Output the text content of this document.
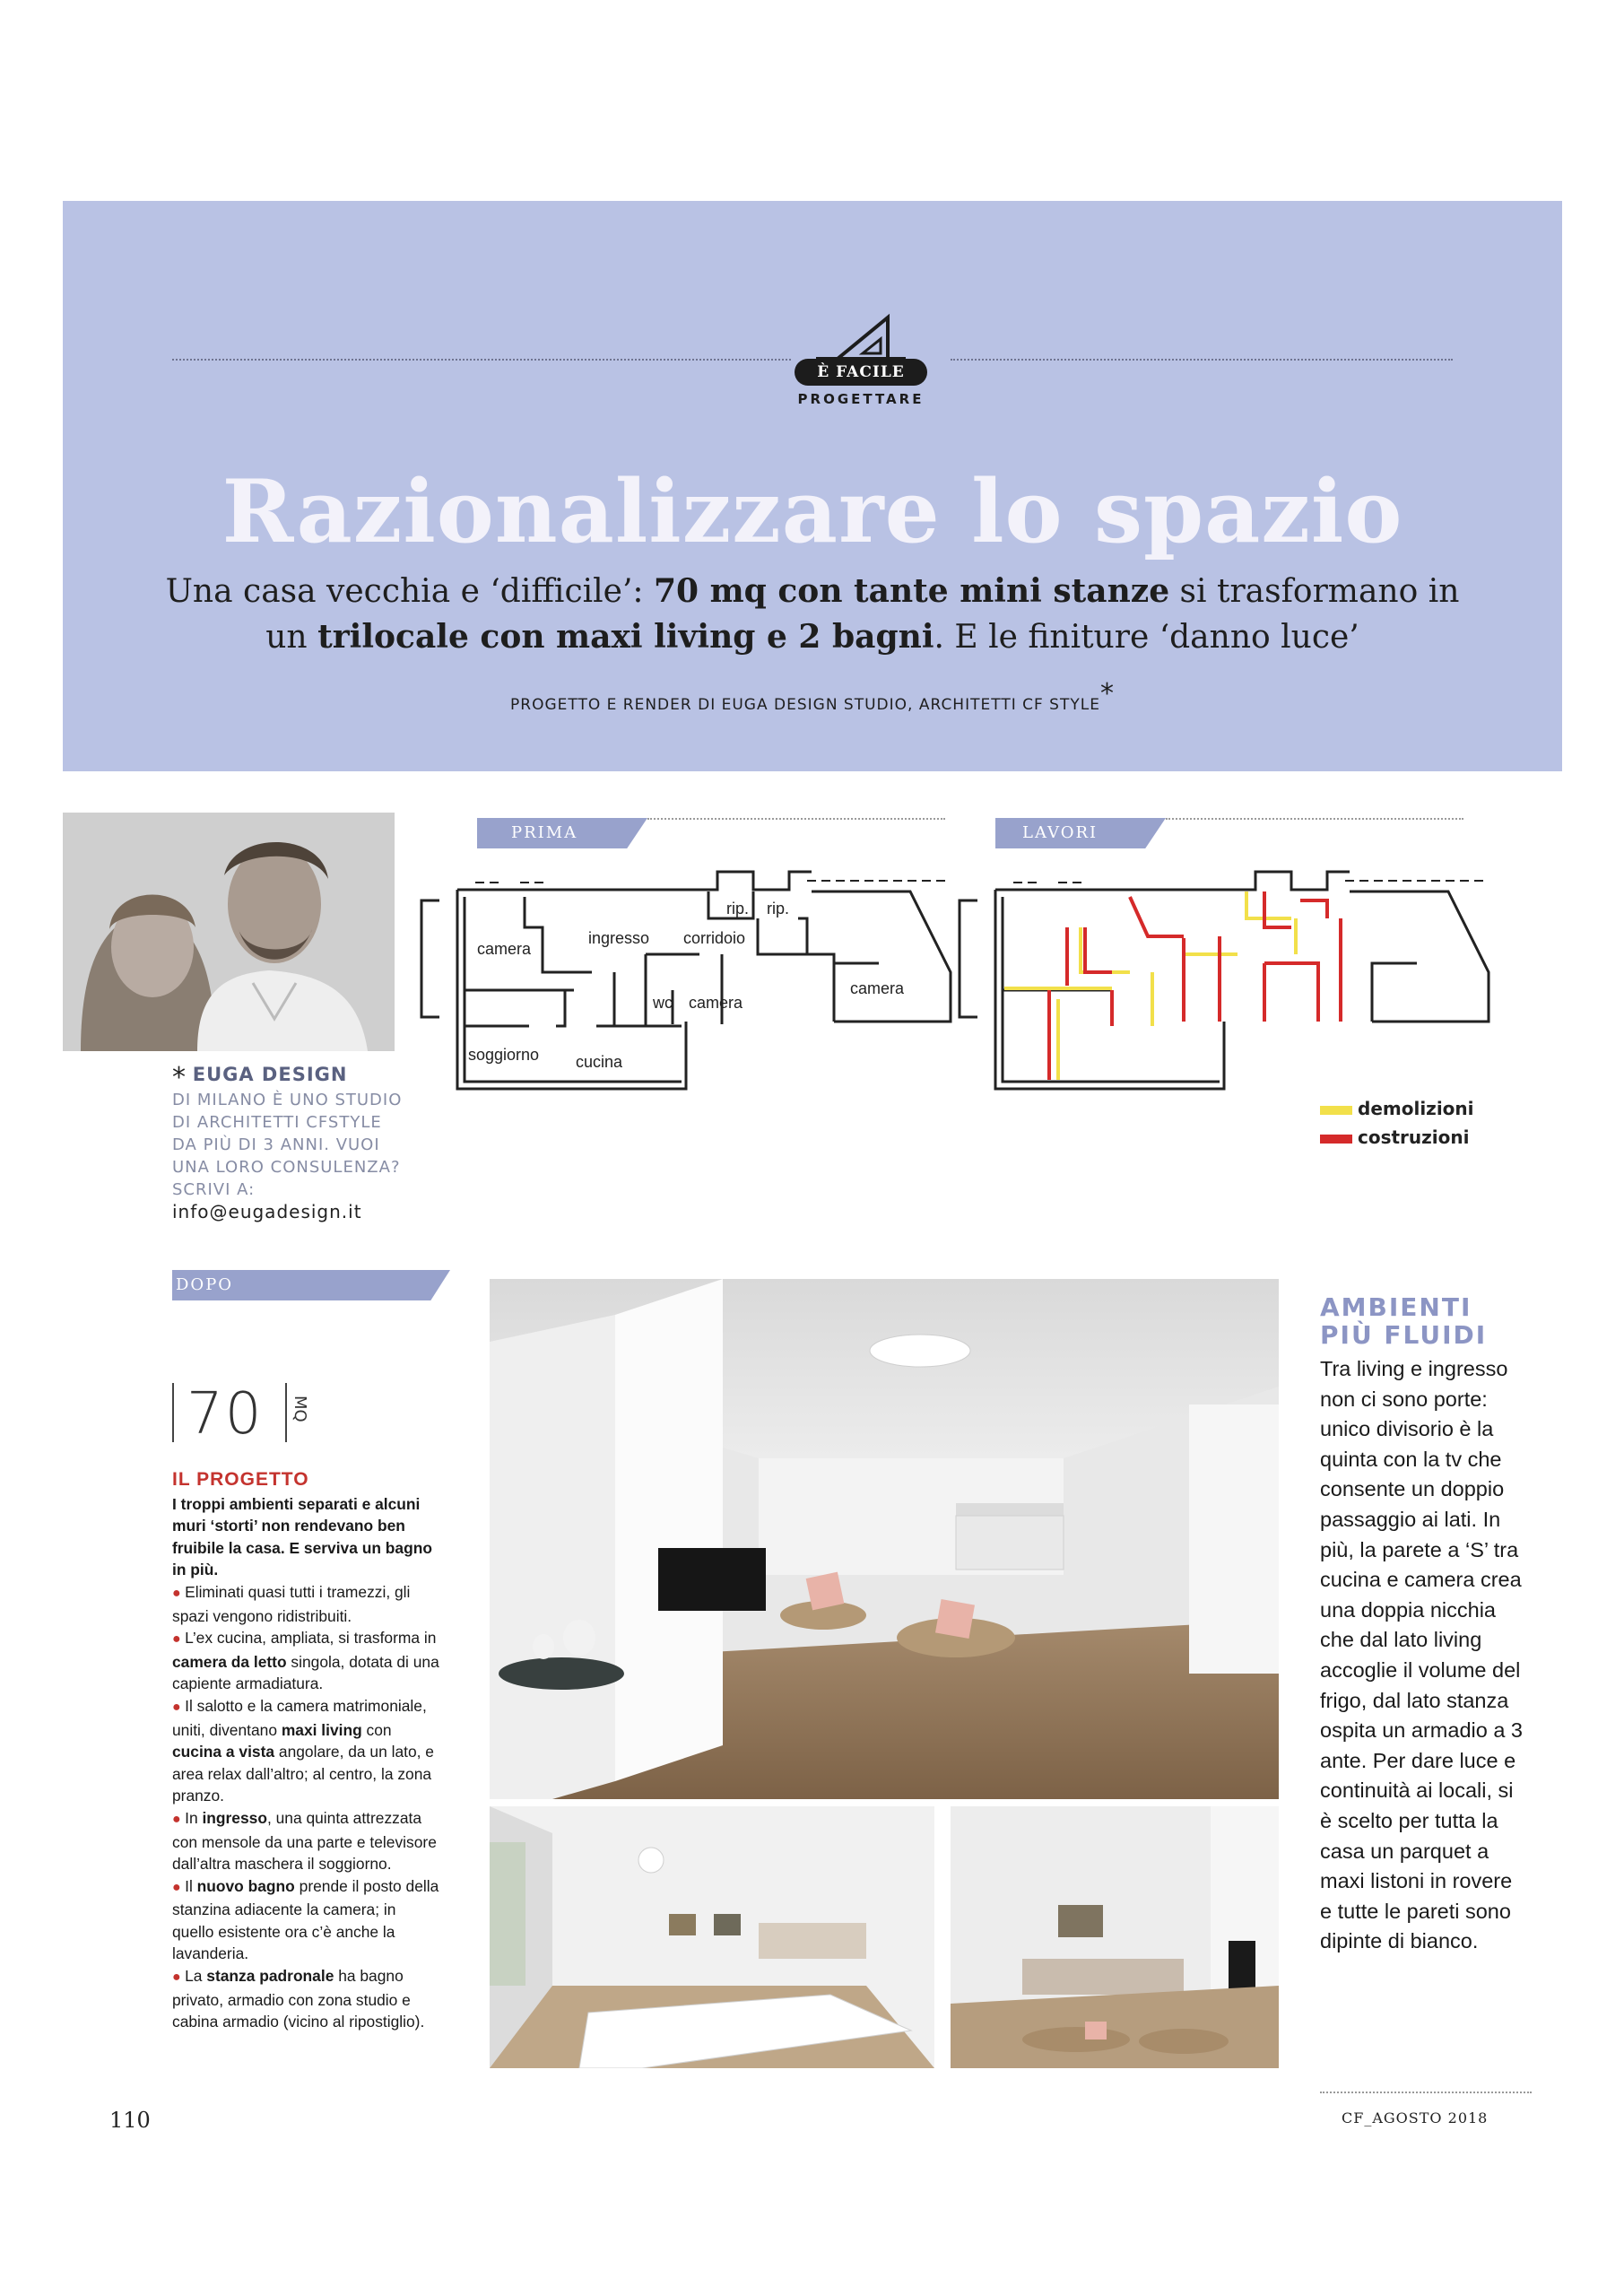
È FACILE
PROGETTARE
Razionalizzare lo spazio
Una casa vecchia e ‘difficile’: 70 mq con tante mini stanze si trasformano in un trilocale con maxi living e 2 bagni. E le finiture ‘danno luce’
PROGETTO E RENDER DI EUGA DESIGN STUDIO, ARCHITETTI CF STYLE*
* EUGA DESIGN
DI MILANO È UNO STUDIO DI ARCHITETTI CFSTYLE DA PIÙ DI 3 ANNI. VUOI UNA LORO CONSULENZA? SCRIVI A: info@eugadesign.it
PRIMA	LAVORI
rip. rip.
camera
ingresso corridoio
camera
wc camera
soggiorno cucina
demolizioni
costruzioni
DOPO
70 MQ
IL PROGETTO
I troppi ambienti separati e alcuni muri ‘storti’ non rendevano ben fruibile la casa. E serviva un bagno in più.
● Eliminati quasi tutti i tramezzi, gli spazi vengono ridistribuiti.
● L’ex cucina, ampliata, si trasforma in camera da letto singola, dotata di una capiente armadiatura.
● Il salotto e la camera matrimoniale, uniti, diventano maxi living con cucina a vista angolare, da un lato, e area relax dall’altro; al centro, la zona pranzo.
● In ingresso, una quinta attrezzata con mensole da una parte e televisore dall’altra maschera il soggiorno.
● Il nuovo bagno prende il posto della stanzina adiacente la camera; in quello esistente ora c’è anche la lavanderia.
● La stanza padronale ha bagno privato, armadio con zona studio e cabina armadio (vicino al ripostiglio).
AMBIENTI
PIÙ FLUIDI
Tra living e ingresso non ci sono porte: unico divisorio è la quinta con la tv che consente un doppio passaggio ai lati. In più, la parete a ‘S’ tra cucina e camera crea una doppia nicchia che dal lato living accoglie il volume del frigo, dal lato stanza ospita un armadio a 3 ante. Per dare luce e continuità ai locali, si è scelto per tutta la casa un parquet a maxi listoni in rovere e tutte le pareti sono dipinte di bianco.
110	CF_AGOSTO 2018
